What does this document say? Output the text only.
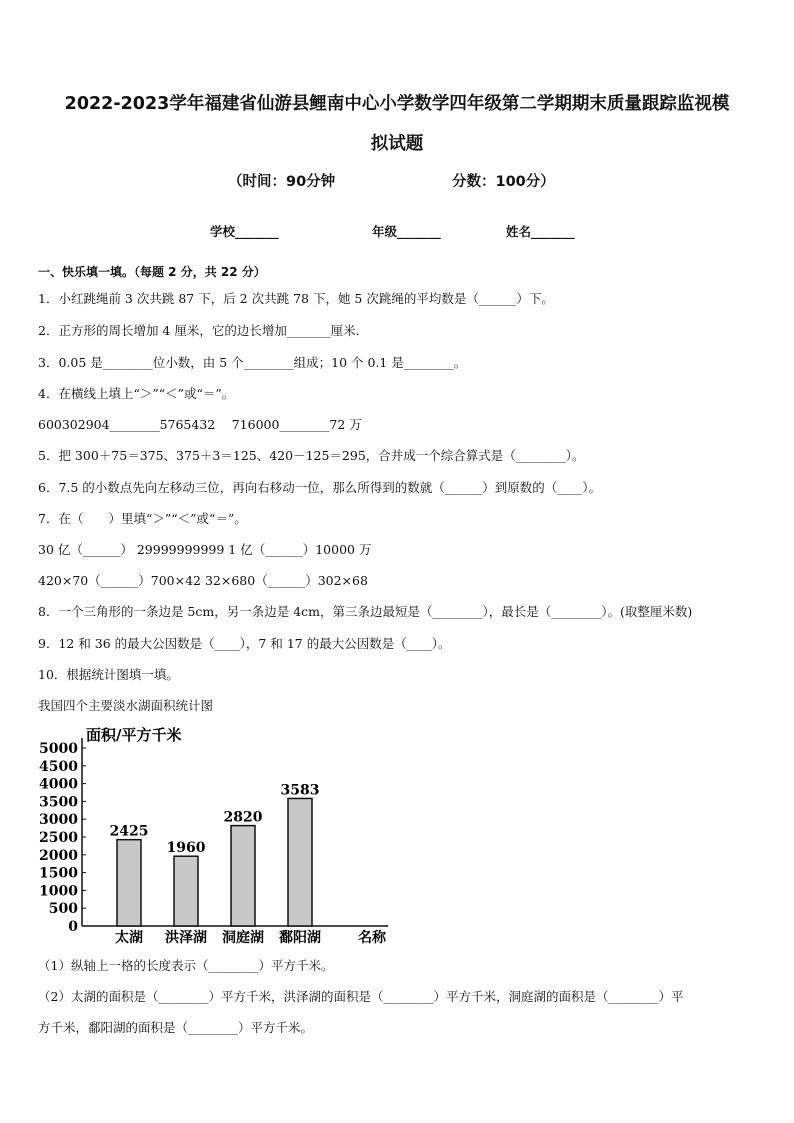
2022-2023学年福建省仙游县鲤南中心小学数学四年级第二学期期末质量跟踪监视模
拟试题
（时间：90分钟	分数：100分）
学校_______	年级_______	姓名_______
一、快乐填一填。（每题 2 分，共 22 分）
1．小红跳绳前 3 次共跳 87 下，后 2 次共跳 78 下，她 5 次跳绳的平均数是（______）下。
2．正方形的周长增加 4 厘米，它的边长增加_______厘米．
3．0.05 是________位小数，由 5 个________组成；10 个 0.1 是________。
4．在横线上填上“＞”“＜”或“＝”。
600302904________5765432　 716000________72 万
5．把 300＋75＝375、375＋3＝125、420－125＝295，合并成一个综合算式是（________）。
6．7.5 的小数点先向左移动三位，再向右移动一位，那么所得到的数就（______）到原数的（____）。
7．在（　　）里填“＞”“＜”或“＝”。
30 亿（______） 29999999999 1 亿（______）10000 万
420×70（______）700×42 32×680（______）302×68
8．一个三角形的一条边是 5cm，另一条边是 4cm，第三条边最短是（________），最长是（________）。(取整厘米数)
9．12 和 36 的最大公因数是（____），7 和 17 的最大公因数是（____）。
10．根据统计图填一填。
我国四个主要淡水湖面积统计图
面积/平方千米
名称
0
500
1000
1500
2000
2500
3000
3500
4000
4500
5000
2425
太湖
1960
洪泽湖
2820
洞庭湖
3583
鄱阳湖
（1）纵轴上一格的长度表示（________）平方千米。
（2）太湖的面积是（________）平方千米，洪泽湖的面积是（________）平方千米，洞庭湖的面积是（________）平
方千米，鄱阳湖的面积是（________）平方千米。
